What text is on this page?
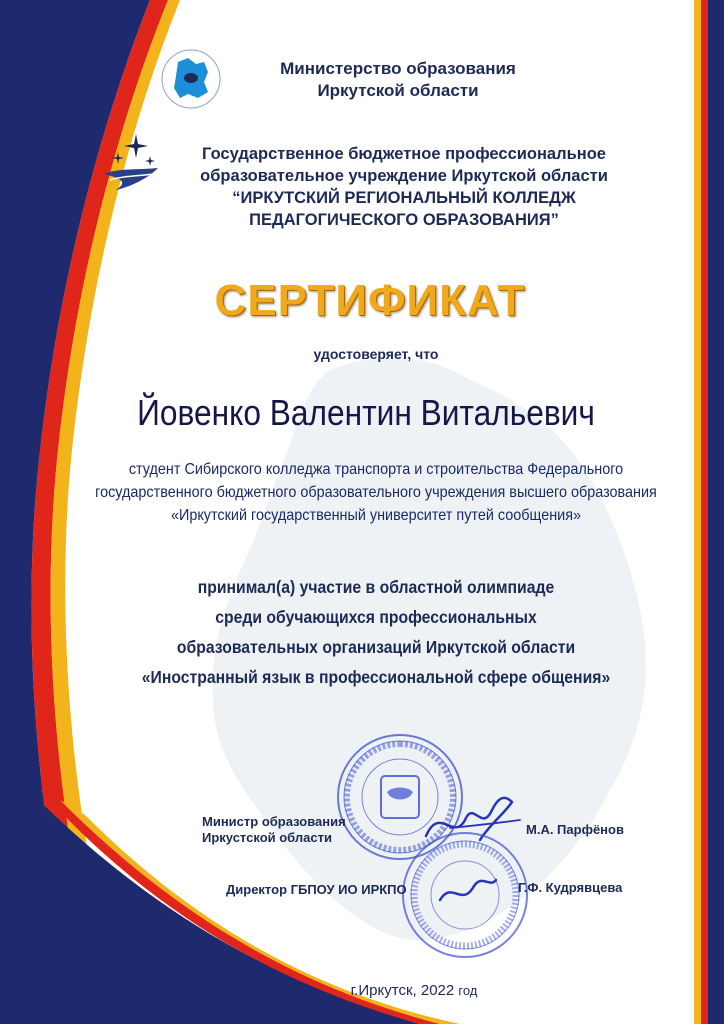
Министерство образования
Иркутской области
Государственное бюджетное профессиональное
образовательное учреждение Иркутской области
“ИРКУТСКИЙ РЕГИОНАЛЬНЫЙ КОЛЛЕДЖ
ПЕДАГОГИЧЕСКОГО ОБРАЗОВАНИЯ”
СЕРТИФИКАТ
удостоверяет, что
Йовенко Валентин Витальевич
студент Сибирского колледжа транспорта и строительства Федерального
государственного бюджетного образовательного учреждения высшего образования
«Иркутский государственный университет путей сообщения»
принимал(а) участие в областной олимпиаде
среди обучающихся профессиональных
образовательных организаций Иркутской области
«Иностранный язык в профессиональной сфере общения»
Министр образования
Иркустской области
М.А. Парфёнов
Директор ГБПОУ ИО ИРКПО	Г.Ф. Кудрявцева
г.Иркутск, 2022 год
